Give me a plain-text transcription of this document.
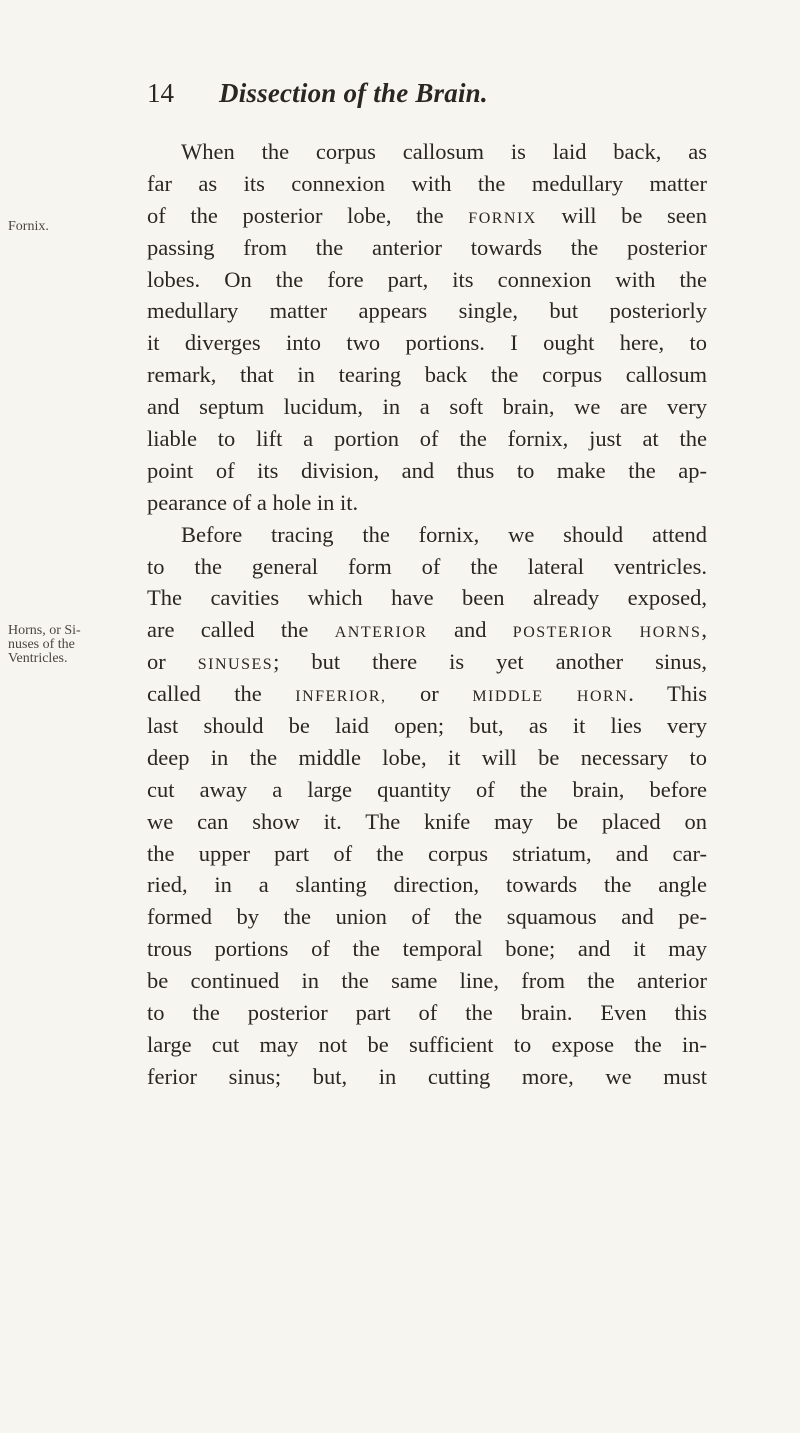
14 Dissection of the Brain.
Fornix.
Horns, or Si-
nuses of the
Ventricles.
When the corpus callosum is laid back, as
far as its connexion with the medullary matter
of the posterior lobe, the FORNIX will be seen
passing from the anterior towards the posterior
lobes. On the fore part, its connexion with the
medullary matter appears single, but posteriorly
it diverges into two portions. I ought here, to
remark, that in tearing back the corpus callosum
and septum lucidum, in a soft brain, we are very
liable to lift a portion of the fornix, just at the
point of its division, and thus to make the ap-
pearance of a hole in it.
Before tracing the fornix, we should attend
to the general form of the lateral ventricles.
The cavities which have been already exposed,
are called the ANTERIOR and POSTERIOR HORNS,
or SINUSES; but there is yet another sinus,
called the INFERIOR, or MIDDLE HORN. This
last should be laid open; but, as it lies very
deep in the middle lobe, it will be necessary to
cut away a large quantity of the brain, before
we can show it. The knife may be placed on
the upper part of the corpus striatum, and car-
ried, in a slanting direction, towards the angle
formed by the union of the squamous and pe-
trous portions of the temporal bone; and it may
be continued in the same line, from the anterior
to the posterior part of the brain. Even this
large cut may not be sufficient to expose the in-
ferior sinus; but, in cutting more, we must
